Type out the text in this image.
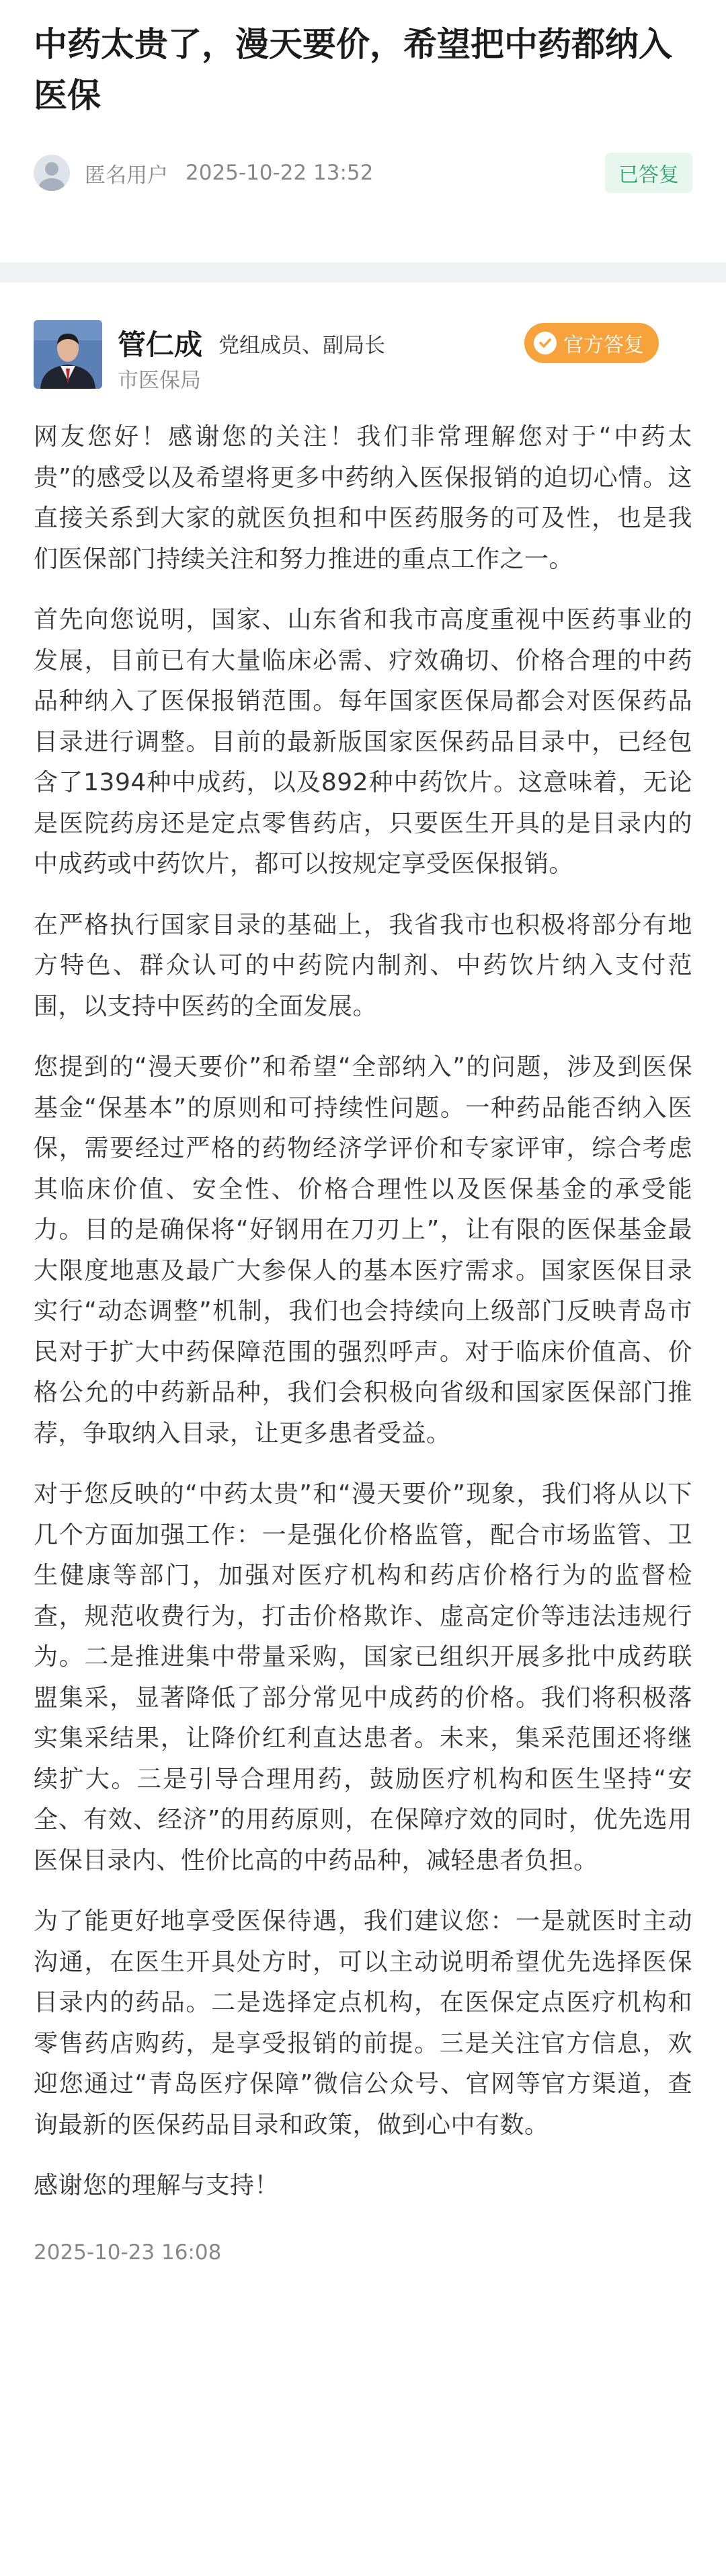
中药太贵了，漫天要价，希望把中药都纳入医保
匿名用户 2025-10-22 13:52	已答复
管仁成 党组成员、副局长
市医保局
官方答复

网友您好！感谢您的关注！我们非常理解您对于“中药太贵”的感受以及希望将更多中药纳入医保报销的迫切心情。这直接关系到大家的就医负担和中医药服务的可及性，也是我们医保部门持续关注和努力推进的重点工作之一。

首先向您说明，国家、山东省和我市高度重视中医药事业的发展，目前已有大量临床必需、疗效确切、价格合理的中药品种纳入了医保报销范围。每年国家医保局都会对医保药品目录进行调整。目前的最新版国家医保药品目录中，已经包含了1394种中成药，以及892种中药饮片。这意味着，无论是医院药房还是定点零售药店，只要医生开具的是目录内的中成药或中药饮片，都可以按规定享受医保报销。

在严格执行国家目录的基础上，我省我市也积极将部分有地方特色、群众认可的中药院内制剂、中药饮片纳入支付范围，以支持中医药的全面发展。

您提到的“漫天要价”和希望“全部纳入”的问题，涉及到医保基金“保基本”的原则和可持续性问题。一种药品能否纳入医保，需要经过严格的药物经济学评价和专家评审，综合考虑其临床价值、安全性、价格合理性以及医保基金的承受能力。目的是确保将“好钢用在刀刃上”，让有限的医保基金最大限度地惠及最广大参保人的基本医疗需求。国家医保目录实行“动态调整”机制，我们也会持续向上级部门反映青岛市民对于扩大中药保障范围的强烈呼声。对于临床价值高、价格公允的中药新品种，我们会积极向省级和国家医保部门推荐，争取纳入目录，让更多患者受益。

对于您反映的“中药太贵”和“漫天要价”现象，我们将从以下几个方面加强工作：一是强化价格监管，配合市场监管、卫生健康等部门，加强对医疗机构和药店价格行为的监督检查，规范收费行为，打击价格欺诈、虚高定价等违法违规行为。二是推进集中带量采购，国家已组织开展多批中成药联盟集采，显著降低了部分常见中成药的价格。我们将积极落实集采结果，让降价红利直达患者。未来，集采范围还将继续扩大。三是引导合理用药，鼓励医疗机构和医生坚持“安全、有效、经济”的用药原则，在保障疗效的同时，优先选用医保目录内、性价比高的中药品种，减轻患者负担。

为了能更好地享受医保待遇，我们建议您：一是就医时主动沟通，在医生开具处方时，可以主动说明希望优先选择医保目录内的药品。二是选择定点机构，在医保定点医疗机构和零售药店购药，是享受报销的前提。三是关注官方信息，欢迎您通过“青岛医疗保障”微信公众号、官网等官方渠道，查询最新的医保药品目录和政策，做到心中有数。

感谢您的理解与支持！

2025-10-23 16:08
